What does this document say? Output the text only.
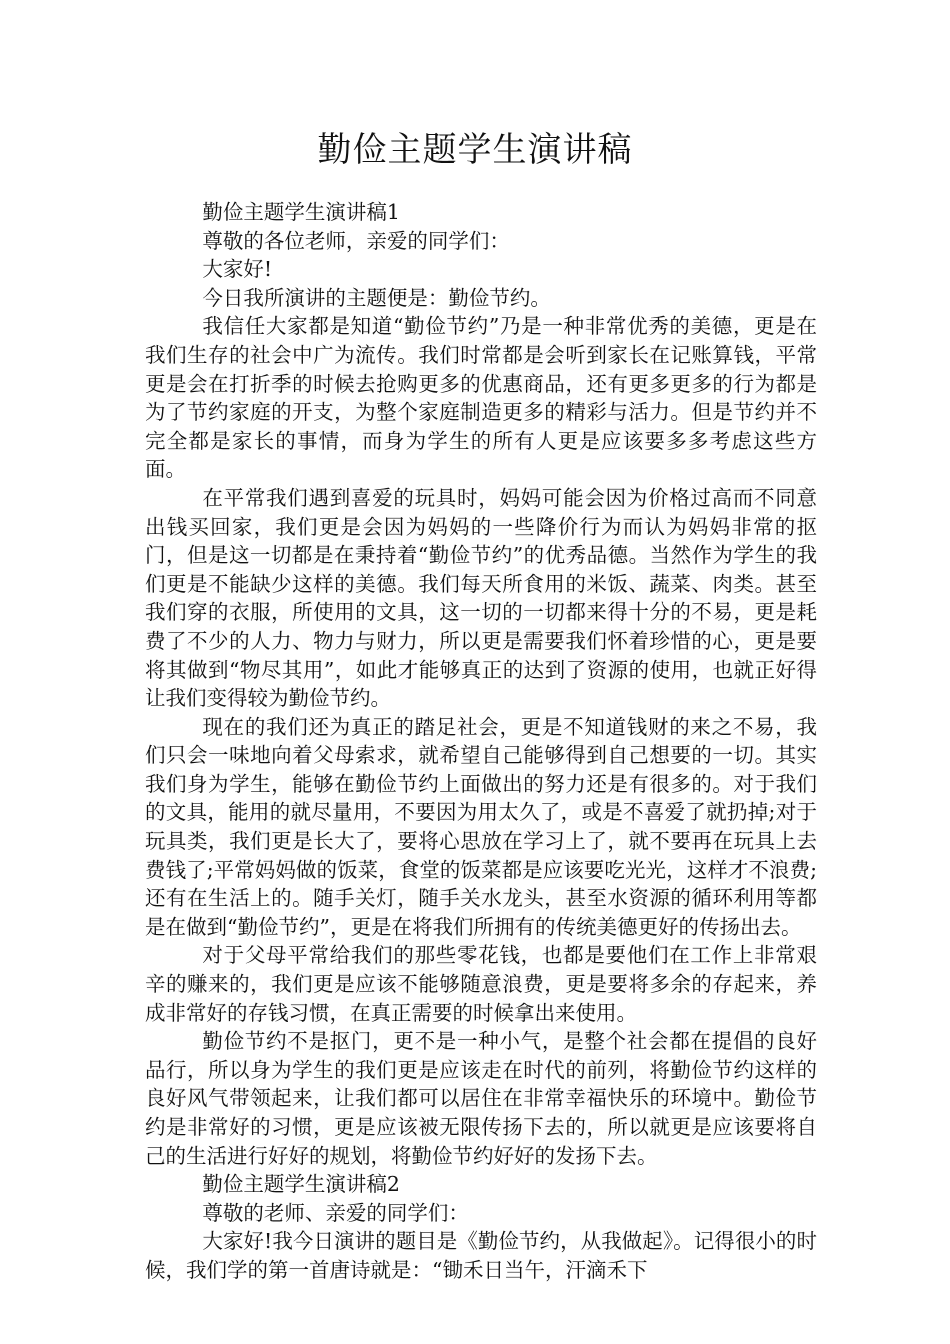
勤俭主题学生演讲稿

勤俭主题学生演讲稿1

尊敬的各位老师，亲爱的同学们：

大家好!

今日我所演讲的主题便是：勤俭节约。

我信任大家都是知道“勤俭节约”乃是一种非常优秀的美德，更是在我们生存的社会中广为流传。我们时常都是会听到家长在记账算钱，平常更是会在打折季的时候去抢购更多的优惠商品，还有更多更多的行为都是为了节约家庭的开支，为整个家庭制造更多的精彩与活力。但是节约并不完全都是家长的事情，而身为学生的所有人更是应该要多多考虑这些方面。

在平常我们遇到喜爱的玩具时，妈妈可能会因为价格过高而不同意出钱买回家，我们更是会因为妈妈的一些降价行为而认为妈妈非常的抠门，但是这一切都是在秉持着“勤俭节约”的优秀品德。当然作为学生的我们更是不能缺少这样的美德。我们每天所食用的米饭、蔬菜、肉类。甚至我们穿的衣服，所使用的文具，这一切的一切都来得十分的不易，更是耗费了不少的人力、物力与财力，所以更是需要我们怀着珍惜的心，更是要将其做到“物尽其用”，如此才能够真正的达到了资源的使用，也就正好得让我们变得较为勤俭节约。

现在的我们还为真正的踏足社会，更是不知道钱财的来之不易，我们只会一味地向着父母索求，就希望自己能够得到自己想要的一切。其实我们身为学生，能够在勤俭节约上面做出的努力还是有很多的。对于我们的文具，能用的就尽量用，不要因为用太久了，或是不喜爱了就扔掉;对于玩具类，我们更是长大了，要将心思放在学习上了，就不要再在玩具上去费钱了;平常妈妈做的饭菜，食堂的饭菜都是应该要吃光光，这样才不浪费;还有在生活上的。随手关灯，随手关水龙头，甚至水资源的循环利用等都是在做到“勤俭节约”，更是在将我们所拥有的传统美德更好的传扬出去。

对于父母平常给我们的那些零花钱，也都是要他们在工作上非常艰辛的赚来的，我们更是应该不能够随意浪费，更是要将多余的存起来，养成非常好的存钱习惯，在真正需要的时候拿出来使用。

勤俭节约不是抠门，更不是一种小气，是整个社会都在提倡的良好品行，所以身为学生的我们更是应该走在时代的前列，将勤俭节约这样的良好风气带领起来，让我们都可以居住在非常幸福快乐的环境中。勤俭节约是非常好的习惯，更是应该被无限传扬下去的，所以就更是应该要将自己的生活进行好好的规划，将勤俭节约好好的发扬下去。

勤俭主题学生演讲稿2

尊敬的老师、亲爱的同学们：

大家好!我今日演讲的题目是《勤俭节约，从我做起》。记得很小的时候，我们学的第一首唐诗就是：“锄禾日当午，汗滴禾下
